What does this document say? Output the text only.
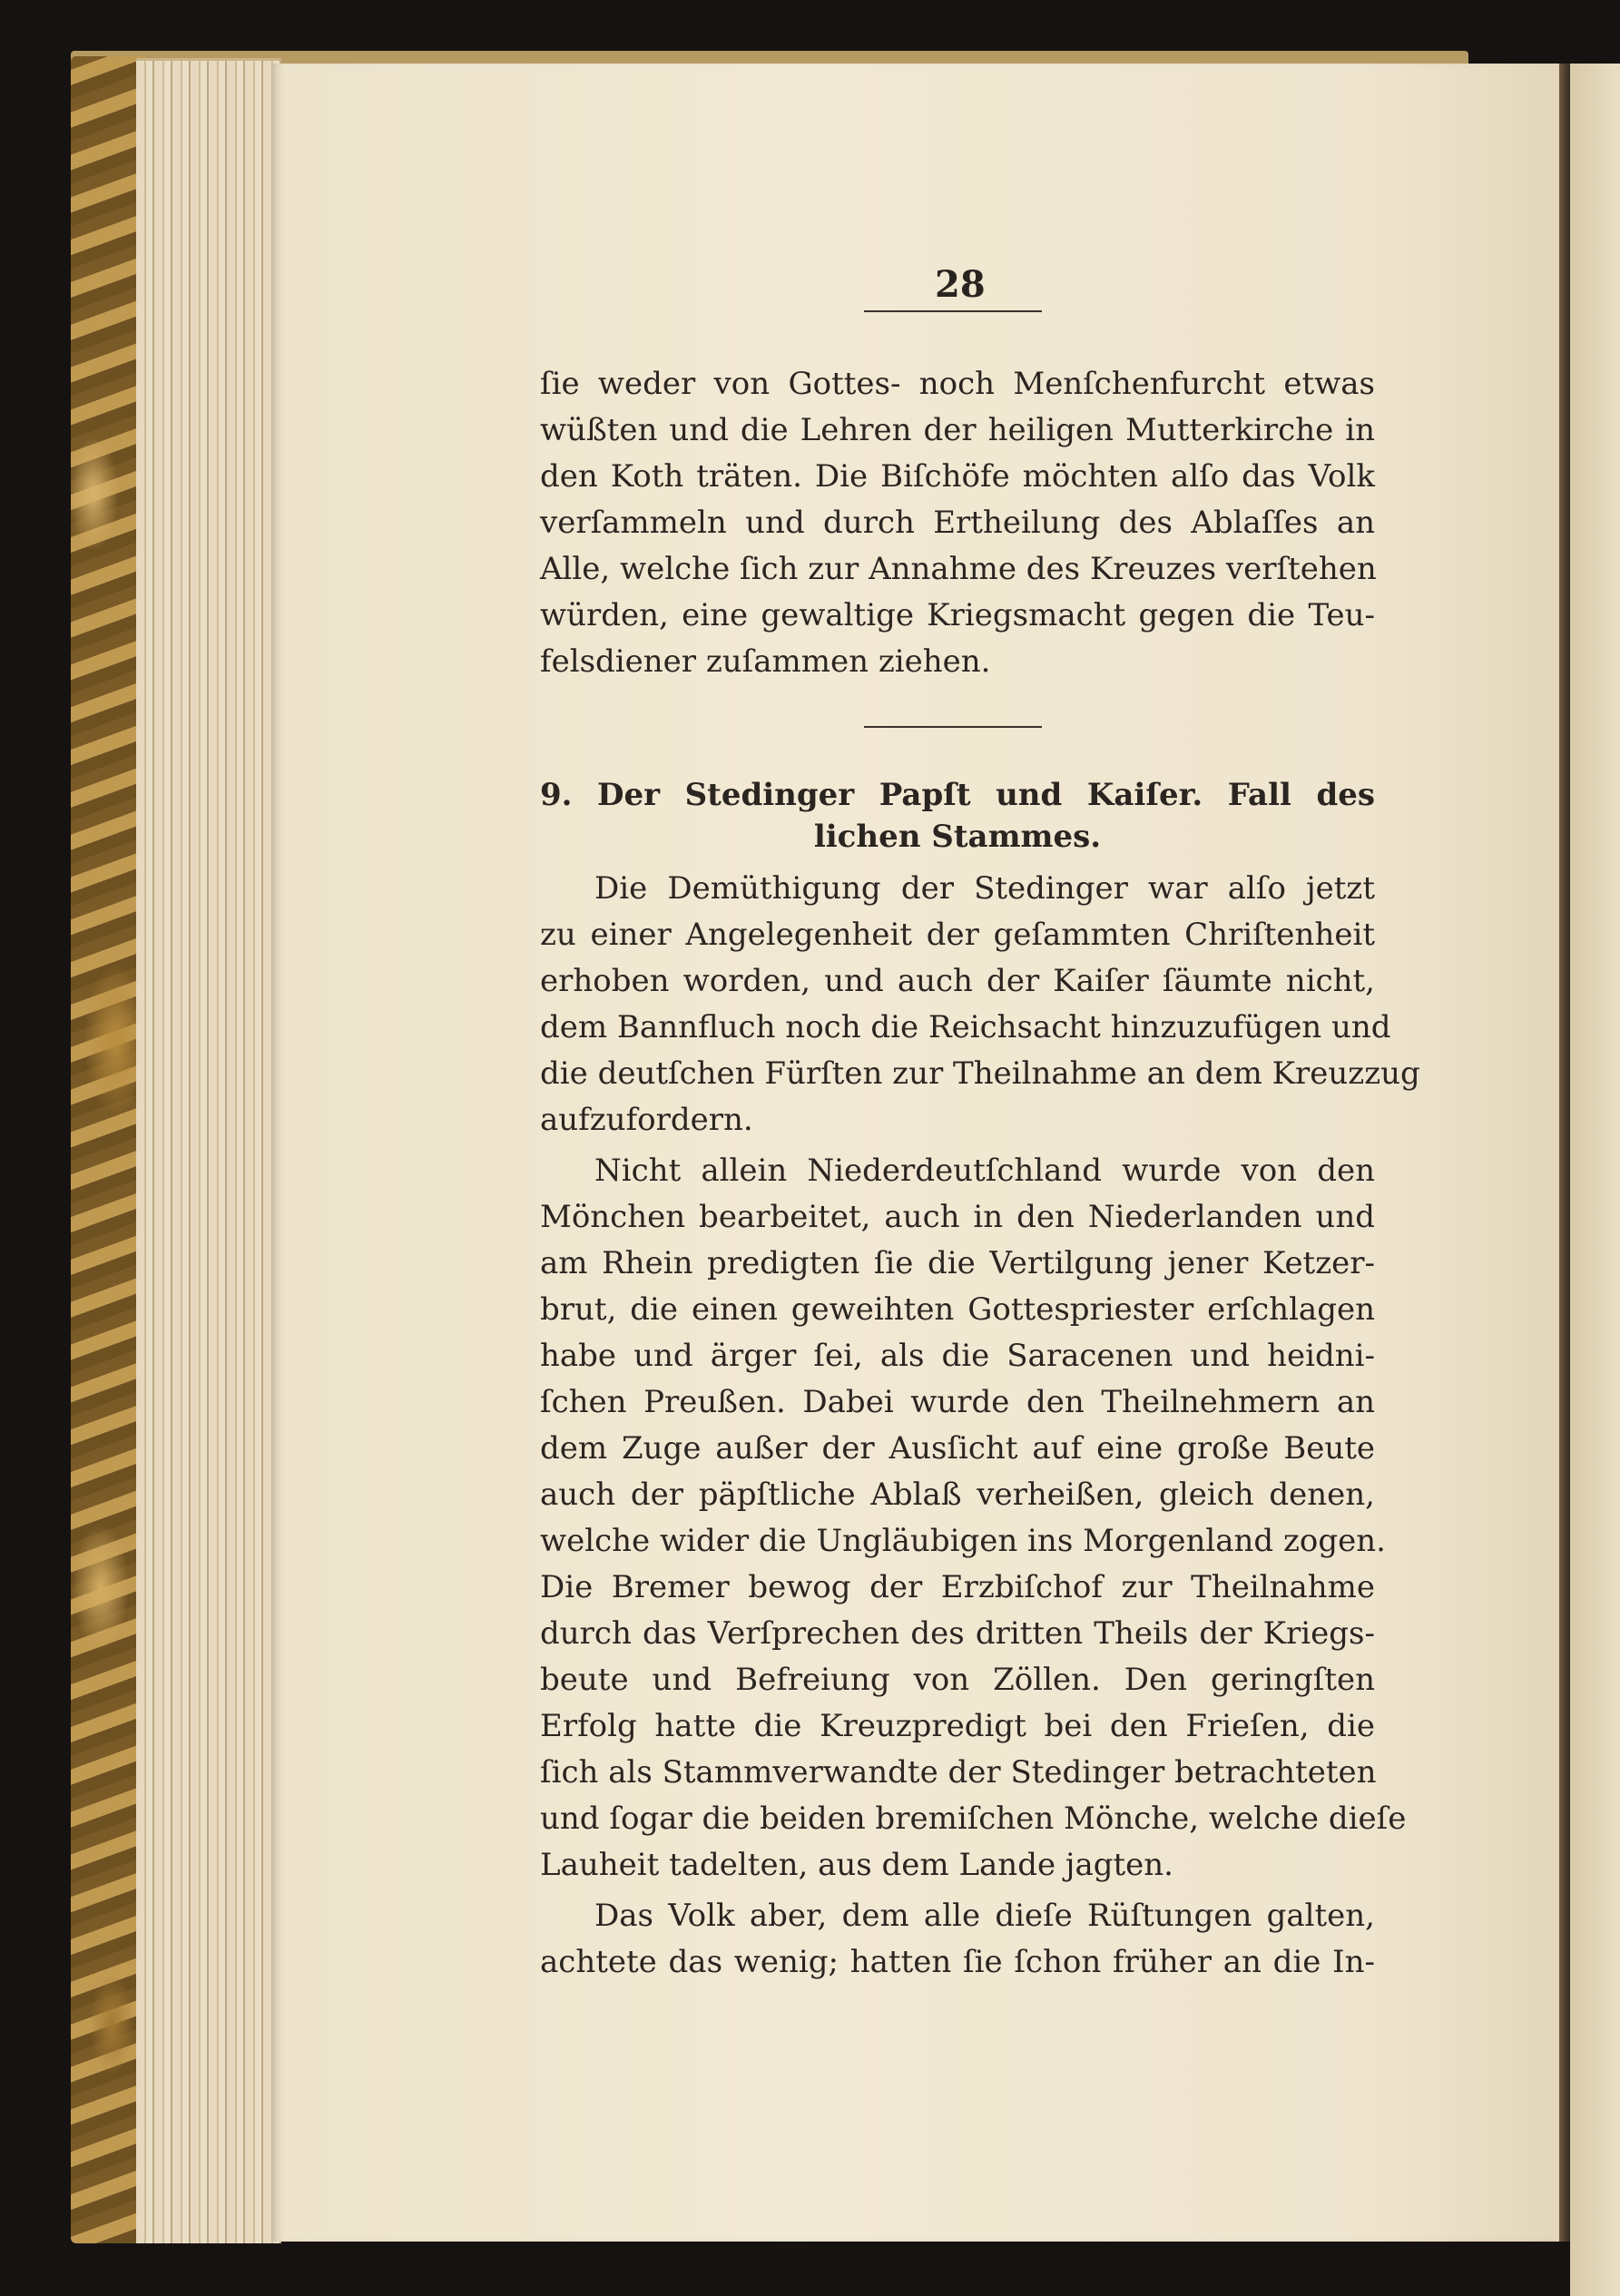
28
ſie weder von Gottes- noch Menſchenfurcht etwas
wüßten und die Lehren der heiligen Mutterkirche in
den Koth träten. Die Biſchöfe möchten alſo das Volk
verſammeln und durch Ertheilung des Ablaſſes an
Alle, welche ſich zur Annahme des Kreuzes verſtehen
würden, eine gewaltige Kriegsmacht gegen die Teu-
felsdiener zuſammen ziehen.
9. Der Stedinger Papſt und Kaiſer. Fall des
lichen Stammes.
Die Demüthigung der Stedinger war alſo jetzt
zu einer Angelegenheit der geſammten Chriſtenheit
erhoben worden, und auch der Kaiſer ſäumte nicht,
dem Bannfluch noch die Reichsacht hinzuzufügen und
die deutſchen Fürſten zur Theilnahme an dem Kreuzzug
aufzufordern.
Nicht allein Niederdeutſchland wurde von den
Mönchen bearbeitet, auch in den Niederlanden und
am Rhein predigten ſie die Vertilgung jener Ketzer-
brut, die einen geweihten Gottespriester erſchlagen
habe und ärger ſei, als die Saracenen und heidni-
ſchen Preußen. Dabei wurde den Theilnehmern an
dem Zuge außer der Ausſicht auf eine große Beute
auch der päpſtliche Ablaß verheißen, gleich denen,
welche wider die Ungläubigen ins Morgenland zogen.
Die Bremer bewog der Erzbiſchof zur Theilnahme
durch das Verſprechen des dritten Theils der Kriegs-
beute und Befreiung von Zöllen. Den geringſten
Erfolg hatte die Kreuzpredigt bei den Frieſen, die
ſich als Stammverwandte der Stedinger betrachteten
und ſogar die beiden bremiſchen Mönche, welche dieſe
Lauheit tadelten, aus dem Lande jagten.
Das Volk aber, dem alle dieſe Rüſtungen galten,
achtete das wenig; hatten ſie ſchon früher an die In-
